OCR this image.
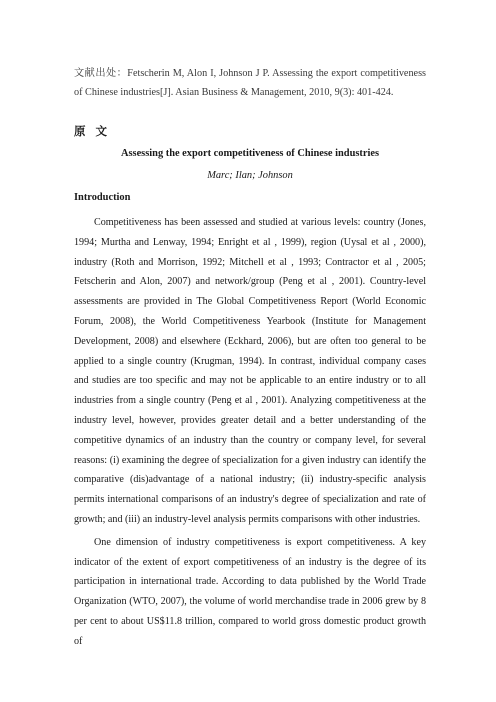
文献出处：Fetscherin M, Alon I, Johnson J P. Assessing the export competitiveness of Chinese industries[J]. Asian Business & Management, 2010, 9(3): 401-424.
原 文
Assessing the export competitiveness of Chinese industries
Marc; Ilan; Johnson
Introduction

Competitiveness has been assessed and studied at various levels: country (Jones, 1994; Murtha and Lenway, 1994; Enright et al , 1999), region (Uysal et al , 2000), industry (Roth and Morrison, 1992; Mitchell et al , 1993; Contractor et al , 2005; Fetscherin and Alon, 2007) and network/group (Peng et al , 2001). Country-level assessments are provided in The Global Competitiveness Report (World Economic Forum, 2008), the World Competitiveness Yearbook (Institute for Management Development, 2008) and elsewhere (Eckhard, 2006), but are often too general to be applied to a single country (Krugman, 1994). In contrast, individual company cases and studies are too specific and may not be applicable to an entire industry or to all industries from a single country (Peng et al , 2001). Analyzing competitiveness at the industry level, however, provides greater detail and a better understanding of the competitive dynamics of an industry than the country or company level, for several reasons: (i) examining the degree of specialization for a given industry can identify the comparative (dis)advantage of a national industry; (ii) industry-specific analysis permits international comparisons of an industry's degree of specialization and rate of growth; and (iii) an industry-level analysis permits comparisons with other industries.

One dimension of industry competitiveness is export competitiveness. A key indicator of the extent of export competitiveness of an industry is the degree of its participation in international trade. According to data published by the World Trade Organization (WTO, 2007), the volume of world merchandise trade in 2006 grew by 8 per cent to about US$11.8 trillion, compared to world gross domestic product growth of
